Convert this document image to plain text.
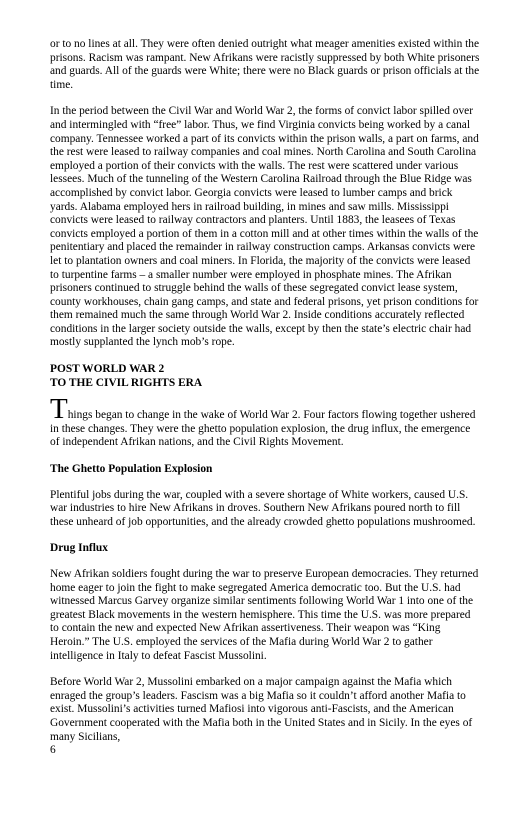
or to no lines at all. They were often denied outright what meager amenities existed within the prisons. Racism was rampant. New Afrikans were racistly suppressed by both White prisoners and guards. All of the guards were White; there were no Black guards or prison officials at the time.

In the period between the Civil War and World War 2, the forms of convict labor spilled over and intermingled with “free” labor. Thus, we find Virginia convicts being worked by a canal company. Tennessee worked a part of its convicts within the prison walls, a part on farms, and the rest were leased to railway companies and coal mines. North Carolina and South Carolina employed a portion of their convicts with the walls. The rest were scattered under various lessees. Much of the tunneling of the Western Carolina Railroad through the Blue Ridge was accomplished by convict labor. Georgia convicts were leased to lumber camps and brick yards. Alabama employed hers in railroad building, in mines and saw mills. Mississippi convicts were leased to railway contractors and planters. Until 1883, the leasees of Texas convicts employed a portion of them in a cotton mill and at other times within the walls of the penitentiary and placed the remainder in railway construction camps. Arkansas convicts were let to plantation owners and coal miners. In Florida, the majority of the convicts were leased to turpentine farms – a smaller number were employed in phosphate mines. The Afrikan prisoners continued to struggle behind the walls of these segregated convict lease system, county workhouses, chain gang camps, and state and federal prisons, yet prison conditions for them remained much the same through World War 2. Inside conditions accurately reflected conditions in the larger society outside the walls, except by then the state’s electric chair had mostly supplanted the lynch mob’s rope.

POST WORLD WAR 2
TO THE CIVIL RIGHTS ERA

Things began to change in the wake of World War 2. Four factors flowing together ushered in these changes. They were the ghetto population explosion, the drug influx, the emergence of independent Afrikan nations, and the Civil Rights Movement.

The Ghetto Population Explosion

Plentiful jobs during the war, coupled with a severe shortage of White workers, caused U.S. war industries to hire New Afrikans in droves. Southern New Afrikans poured north to fill these unheard of job opportunities, and the already crowded ghetto populations mushroomed.

Drug Influx

New Afrikan soldiers fought during the war to preserve European democracies. They returned home eager to join the fight to make segregated America democratic too. But the U.S. had witnessed Marcus Garvey organize similar sentiments following World War 1 into one of the greatest Black movements in the western hemisphere. This time the U.S. was more prepared to contain the new and expected New Afrikan assertiveness. Their weapon was “King Heroin.” The U.S. employed the services of the Mafia during World War 2 to gather intelligence in Italy to defeat Fascist Mussolini.

Before World War 2, Mussolini embarked on a major campaign against the Mafia which enraged the group’s leaders. Fascism was a big Mafia so it couldn’t afford another Mafia to exist. Mussolini’s activities turned Mafiosi into vigorous anti-Fascists, and the American Government cooperated with the Mafia both in the United States and in Sicily. In the eyes of many Sicilians,
6
